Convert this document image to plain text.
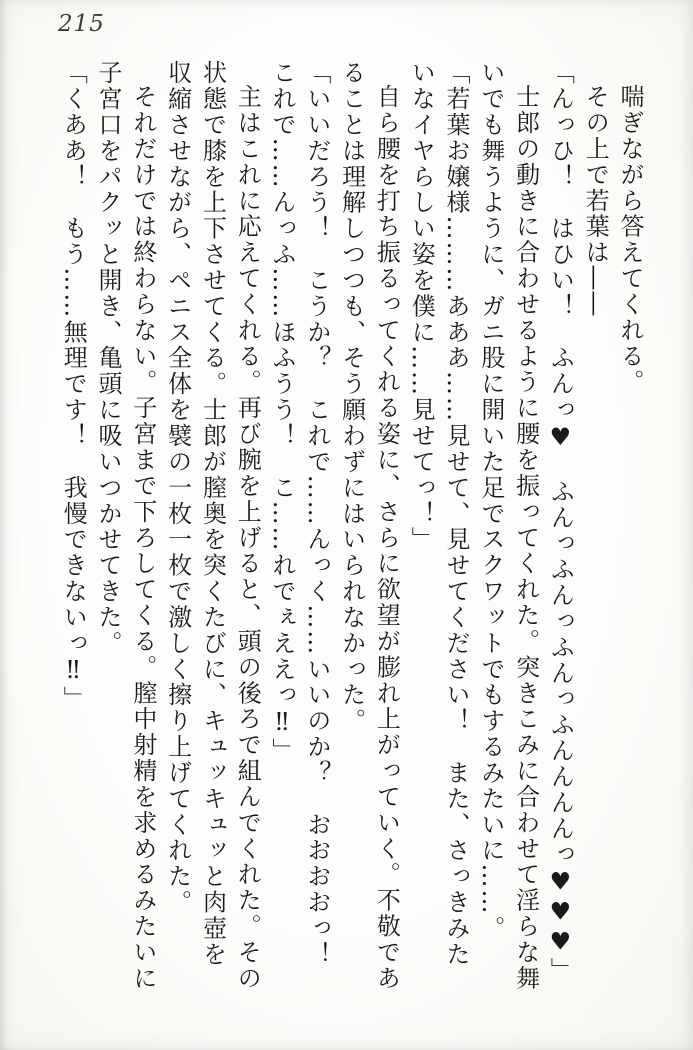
215

喘ぎながら答えてくれる。

その上で若葉は――

「んっひ！　はひい！　ふんっ♥　ふんっふんっふんっふんんんんっ♥♥♥」

士郎の動きに合わせるように腰を振ってくれた。突きこみに合わせて淫らな舞いでも舞うように、ガニ股に開いた足でスクワットでもするみたいに……。

「若葉お嬢様………あああ……見せて、見せてください！　また、さっきみたいなイヤらしい姿を僕に……見せてっ！」

自ら腰を打ち振るってくれる姿に、さらに欲望が膨れ上がっていく。不敬であることは理解しつつも、そう願わずにはいられなかった。

「いいだろう！　こうか？　これで……んっく……いいのか？　おおおおっ！　これで……んっふ……ほふうう！　こ……れでぇええっ‼」

主はこれに応えてくれる。再び腕を上げると、頭の後ろで組んでくれた。その状態で膝を上下させてくる。士郎が膣奥を突くたびに、キュッキュッと肉壺を収縮させながら、ペニス全体を襞の一枚一枚で激しく擦り上げてくれた。

それだけでは終わらない。子宮まで下ろしてくる。膣中射精を求めるみたいに子宮口をパクッと開き、亀頭に吸いつかせてきた。

「くああ！　もう……無理です！　我慢できないっ‼」
